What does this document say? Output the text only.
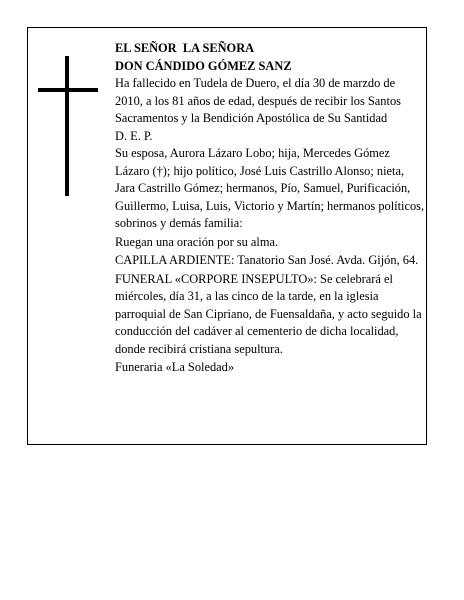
EL SEÑOR  LA SEÑORA

DON CÁNDIDO GÓMEZ SANZ

Ha fallecido en Tudela de Duero, el día 30 de marzdo de 2010, a los 81 años de edad, después de recibir los Santos Sacramentos y la Bendición Apostólica de Su Santidad

D. E. P.

Su esposa, Aurora Lázaro Lobo; hija, Mercedes Gómez Lázaro (†); hijo político, José Luis Castrillo Alonso; nieta, Jara Castrillo Gómez; hermanos, Pío, Samuel, Purificación, Guillermo, Luisa, Luis, Victorio y Martín; hermanos políticos, sobrinos y demás familia:

Ruegan una oración por su alma.

CAPILLA ARDIENTE: Tanatorio San José. Avda. Gijón, 64.

FUNERAL «CORPORE INSEPULTO»: Se celebrará el miércoles, día 31, a las cinco de la tarde, en la iglesia parroquial de San Cipriano, de Fuensaldaña, y acto seguido la conducción del cadáver al cementerio de dicha localidad, donde recibirá cristiana sepultura.

Funeraria «La Soledad»
